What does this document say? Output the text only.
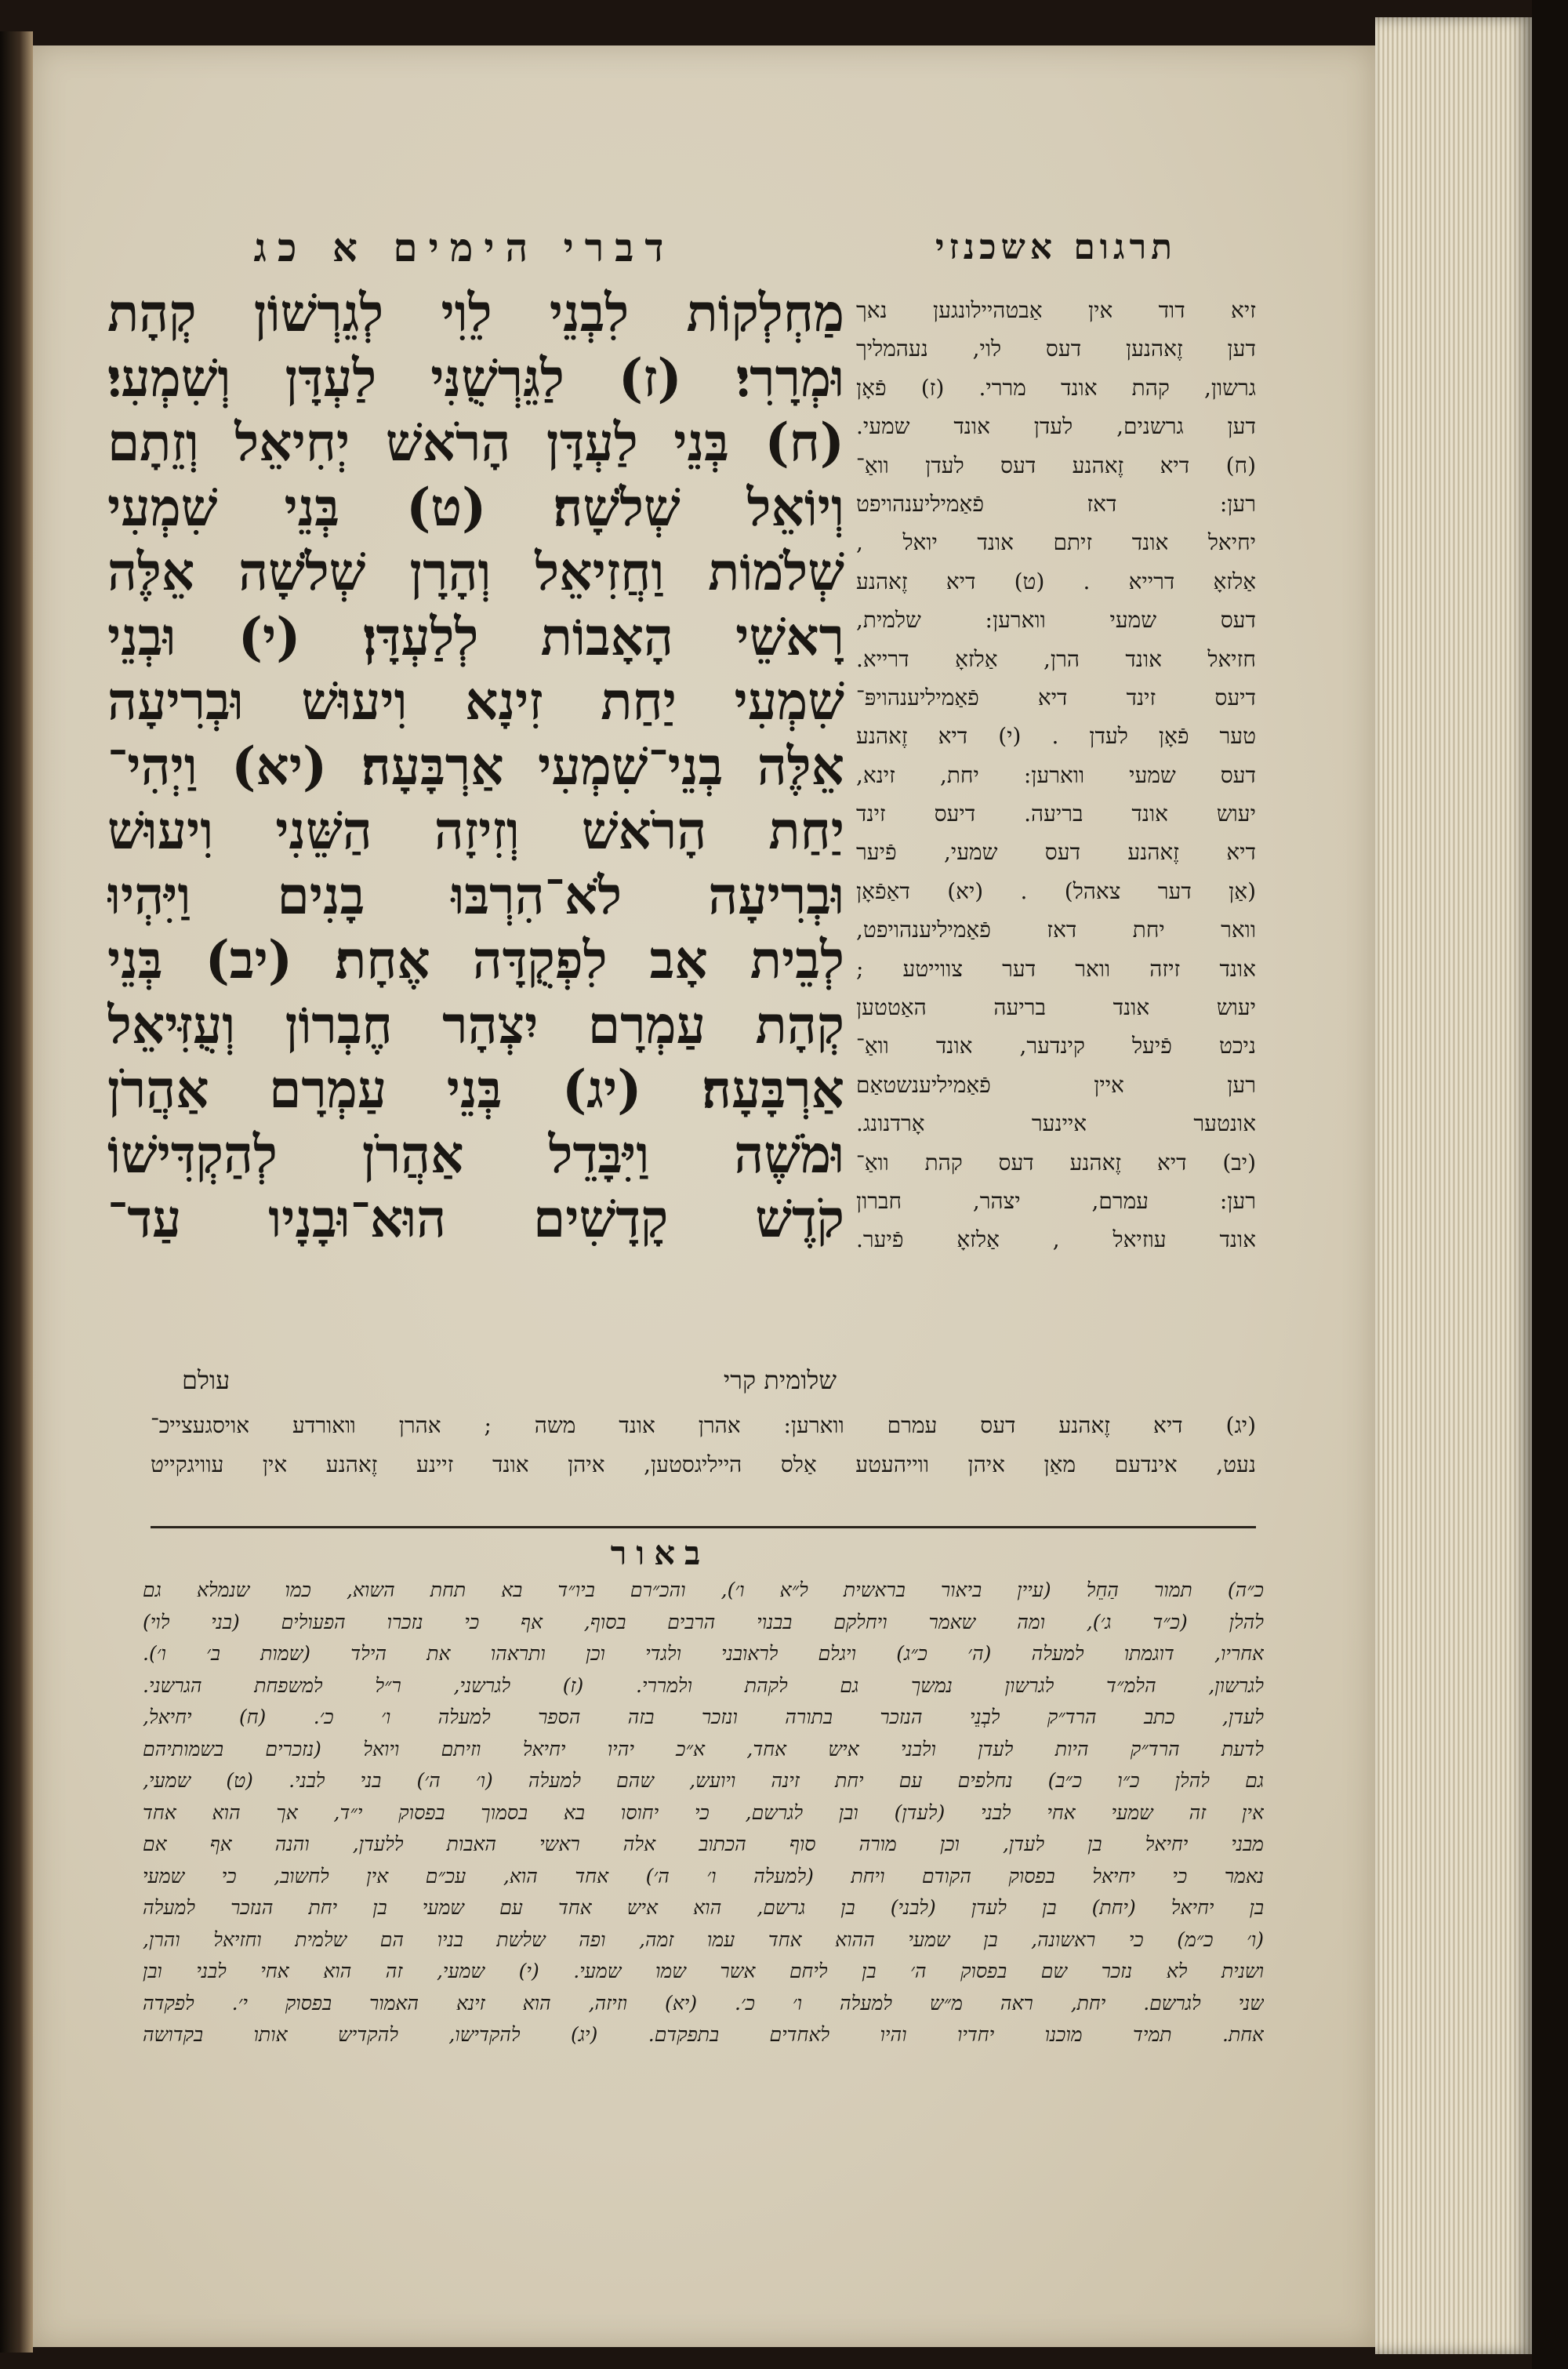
דברי הימים א כג	תרגום אשכנזי
מַחְלְקוֹת לִבְנֵי לֵוִי לְגֵרְשׁוֹן קְהָת
וּמְרָרִי׃ (ז) לַגֵּרְשֻׁנִּי לַעְדָּן וְשִׁמְעִי׃
(ח) בְּנֵי לַעְדָּן הָרֹאשׁ יְחִיאֵל וְזֵתָם
וְיוֹאֵל שְׁלֹשָׁה׃ (ט) בְּנֵי שִׁמְעִי
שְׁלֹמוֹת וַחֲזִיאֵל וְהָרָן שְׁלֹשָׁה אֵלֶּה
רָאשֵׁי הָאָבוֹת לְלַעְדָּן׃ (י) וּבְנֵי
שִׁמְעִי יַחַת זִינָא וִיעוּשׁ וּבְרִיעָה
אֵלֶּה בְנֵי־שִׁמְעִי אַרְבָּעָה׃ (יא) וַיְהִי־
יַחַת הָרֹאשׁ וְזִיזָה הַשֵּׁנִי וִיעוּשׁ
וּבְרִיעָה לֹא־הִרְבּוּ בָנִים וַיִּהְיוּ
לְבֵית אָב לִפְקֻדָּה אֶחָת׃ (יב) בְּנֵי
קְהָת עַמְרָם יִצְהָר חֶבְרוֹן וְעֻזִּיאֵל
אַרְבָּעָה׃ (יג) בְּנֵי עַמְרָם אַהֲרֹן
וּמֹשֶׁה וַיִּבָּדֵל אַהֲרֹן לְהַקְדִּישׁוֹ
קֹדֶשׁ קָדָשִׁים הוּא־וּבָנָיו עַד־
שלומית קרי
עולם
זיא דוד אין אַבטהיילונגען נאך
דען זֶאהנען דעס לוי, נעהמליך
גרשון, קהת אונד מררי. (ז) פֿאָן
דען גרשנים, לעדן אונד שמעי.
(ח) דיא זֶאהנע דעס לעדן וואַ־
רען: דאז פֿאַמיליענהויפט
יחיאל אונד זיתם אונד יואל ,
אַלזאָ דרייא . (ט) דיא זֶאהנע
דעס שמעי ווארען: שלמית,
חזיאל אונד הרן, אַלזאָ דרייא.
דיעס זינד דיא פֿאַמיליענהויפּ־
טער פֿאָן לעדן . (י) דיא זֶאהנע
דעס שמעי ווארען: יחת, זינא,
יעוש אונד בריעה. דיעס זינד
דיא זֶאהנע דעס שמעי, פֿיער
(אַן דער צאהל) . (יא) דאַפֿאָן
וואר יחת דאז פֿאַמיליענהויפט,
אונד זיזה וואר דער צווייטע ;
יעוש אונד בריעה האַטטען
ניכט פֿיעל קינדער, אונד וואַ־
רען איין פֿאַמיליענשטאַם
אונטער איינער אָרדנונג.
(יב) דיא זֶאהנע דעס קהת וואַ־
רען: עמרם, יצהר, חברון
אונד עוזיאל , אַלזאָ פֿיער.
(יג) דיא זֶאהנע דעס עמרם ווארען: אהרן אונד משה ; אהרן װאורדע אויסגעצייכ־
נעט, אינדעם מאַן איהן ווייהעטע אַלס הייליגסטען, איהן אונד זיינע זֶאהנע אין עוויגקייט
באור
כ״ה) תמור הַחֵל (עיין ביאור בראשית ל״א ו׳), והכ״רם ביו״ד בא תחת השוא, כמו שנמלא גם
להלן (כ״ד ג׳), ומה שאמר ויחלקם בבנוי הרבים בסוף, אף כי נזכרו הפעולים (בני לוי)
אחריו, דוגמתו למעלה (ה׳ כ״ג) ויגלם לראובני ולגדי וכן ותראהו את הילד (שמות ב׳ ו׳).
לגרשון, הלמ״ד לגרשון נמשך גם לקהת ולמררי. (ז) לגרשני, ר״ל למשפחת הגרשני.
לעדן, כתב הרד״ק לבְנֵי הנזכר בתורה ונזכר בזה הספר למעלה ו׳ כ׳. (ח) יחיאל,
לדעת הרד״ק היות לעדן ולבני איש אחד, א״כ יהיו יחיאל וזיתם ויואל (נזכרים בשמותיהם
גם להלן כ״ו כ״ב) נחלפים עם יחת זינה ויועש, שהם למעלה (ו׳ ה׳) בני לבני. (ט) שמעי,
אין זה שמעי אחי לבני (לעדן) ובן לגרשם, כי יחוסו בא בסמוך בפסוק י״ד, אך הוא אחד
מבני יחיאל בן לעדן, וכן מורה סוף הכתוב אלה ראשי האבות ללעדן, והנה אף אם
נאמר כי יחיאל בפסוק הקודם ויחת (למעלה ו׳ ה׳) אחד הוא, עכ״ם אין לחשוב, כי שמעי
בן יחיאל (יחת) בן לעדן (לבני) בן גרשם, הוא איש אחד עם שמעי בן יחת הנזכר למעלה
(ו׳ כ״מ) כי ראשונה, בן שמעי ההוא אחד עמו זמה, ופה שלשת בניו הם שלמית וחזיאל והרן,
ושנית לא נזכר שם בפסוק ה׳ בן ליחם אשר שמו שמעי. (י) שמעי, זה הוא אחי לבני ובן
שני לגרשם. יחת, ראה מ״ש למעלה ו׳ כ׳. (יא) וזיזה, הוא זינא האמור בפסוק י׳. לפקדה
אחת. תמיד מוכנו יחדיו והיו לאחדים בתפקדם. (יג) להקדישו, להקדיש אותו בקדושה
